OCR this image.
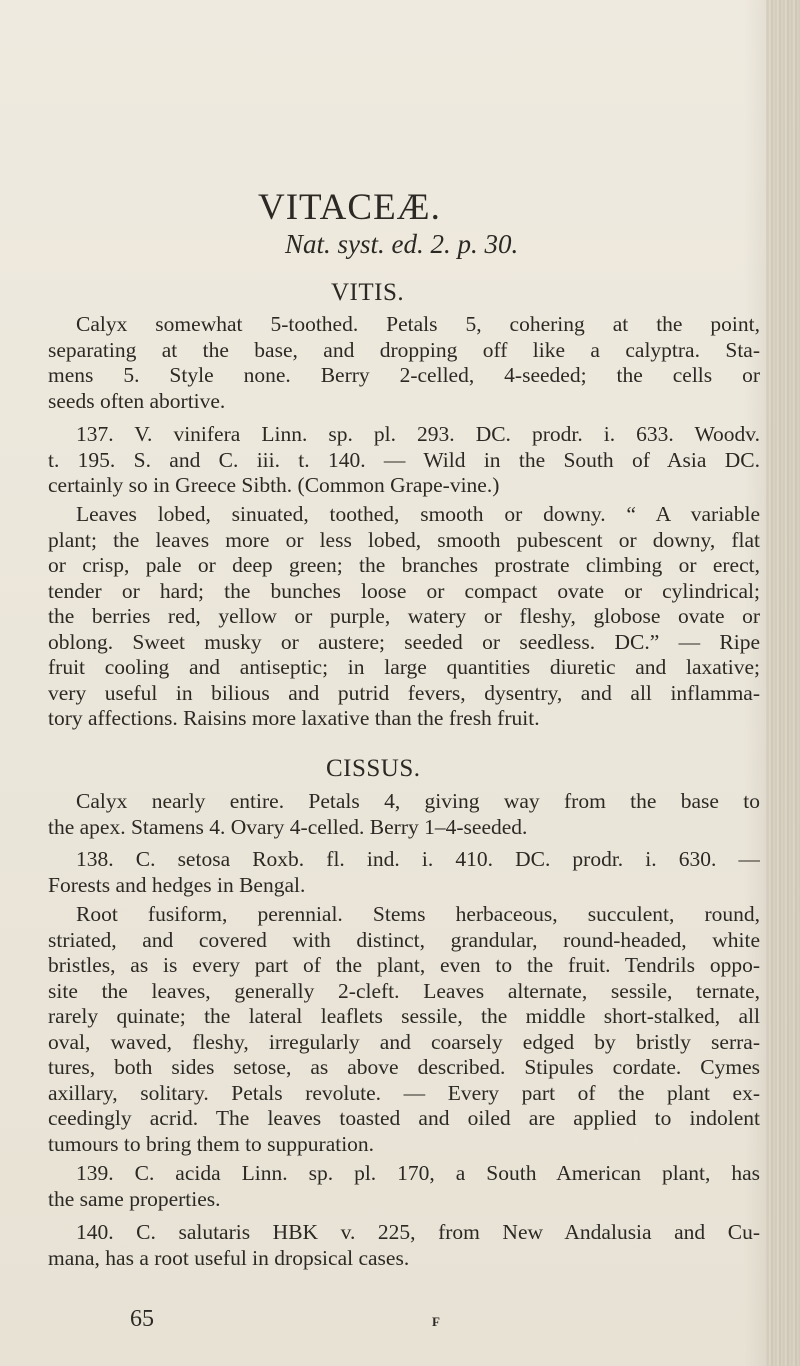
VITACEÆ.
Nat. syst. ed. 2. p. 30.
VITIS.
Calyx somewhat 5-toothed. Petals 5, cohering at the point,
separating at the base, and dropping off like a calyptra. Sta-
mens 5. Style none. Berry 2-celled, 4-seeded; the cells or
seeds often abortive.
137. V. vinifera Linn. sp. pl. 293. DC. prodr. i. 633. Woodv.
t. 195. S. and C. iii. t. 140. — Wild in the South of Asia DC.
certainly so in Greece Sibth. (Common Grape-vine.)
Leaves lobed, sinuated, toothed, smooth or downy. “ A variable
plant; the leaves more or less lobed, smooth pubescent or downy, flat
or crisp, pale or deep green; the branches prostrate climbing or erect,
tender or hard; the bunches loose or compact ovate or cylindrical;
the berries red, yellow or purple, watery or fleshy, globose ovate or
oblong. Sweet musky or austere; seeded or seedless. DC.” — Ripe
fruit cooling and antiseptic; in large quantities diuretic and laxative;
very useful in bilious and putrid fevers, dysentry, and all inflamma-
tory affections. Raisins more laxative than the fresh fruit.
CISSUS.
Calyx nearly entire. Petals 4, giving way from the base to
the apex. Stamens 4. Ovary 4-celled. Berry 1–4-seeded.
138. C. setosa Roxb. fl. ind. i. 410. DC. prodr. i. 630. —
Forests and hedges in Bengal.
Root fusiform, perennial. Stems herbaceous, succulent, round,
striated, and covered with distinct, grandular, round-headed, white
bristles, as is every part of the plant, even to the fruit. Tendrils oppo-
site the leaves, generally 2-cleft. Leaves alternate, sessile, ternate,
rarely quinate; the lateral leaflets sessile, the middle short-stalked, all
oval, waved, fleshy, irregularly and coarsely edged by bristly serra-
tures, both sides setose, as above described. Stipules cordate. Cymes
axillary, solitary. Petals revolute. — Every part of the plant ex-
ceedingly acrid. The leaves toasted and oiled are applied to indolent
tumours to bring them to suppuration.
139. C. acida Linn. sp. pl. 170, a South American plant, has
the same properties.
140. C. salutaris HBK v. 225, from New Andalusia and Cu-
mana, has a root useful in dropsical cases.
65	F
